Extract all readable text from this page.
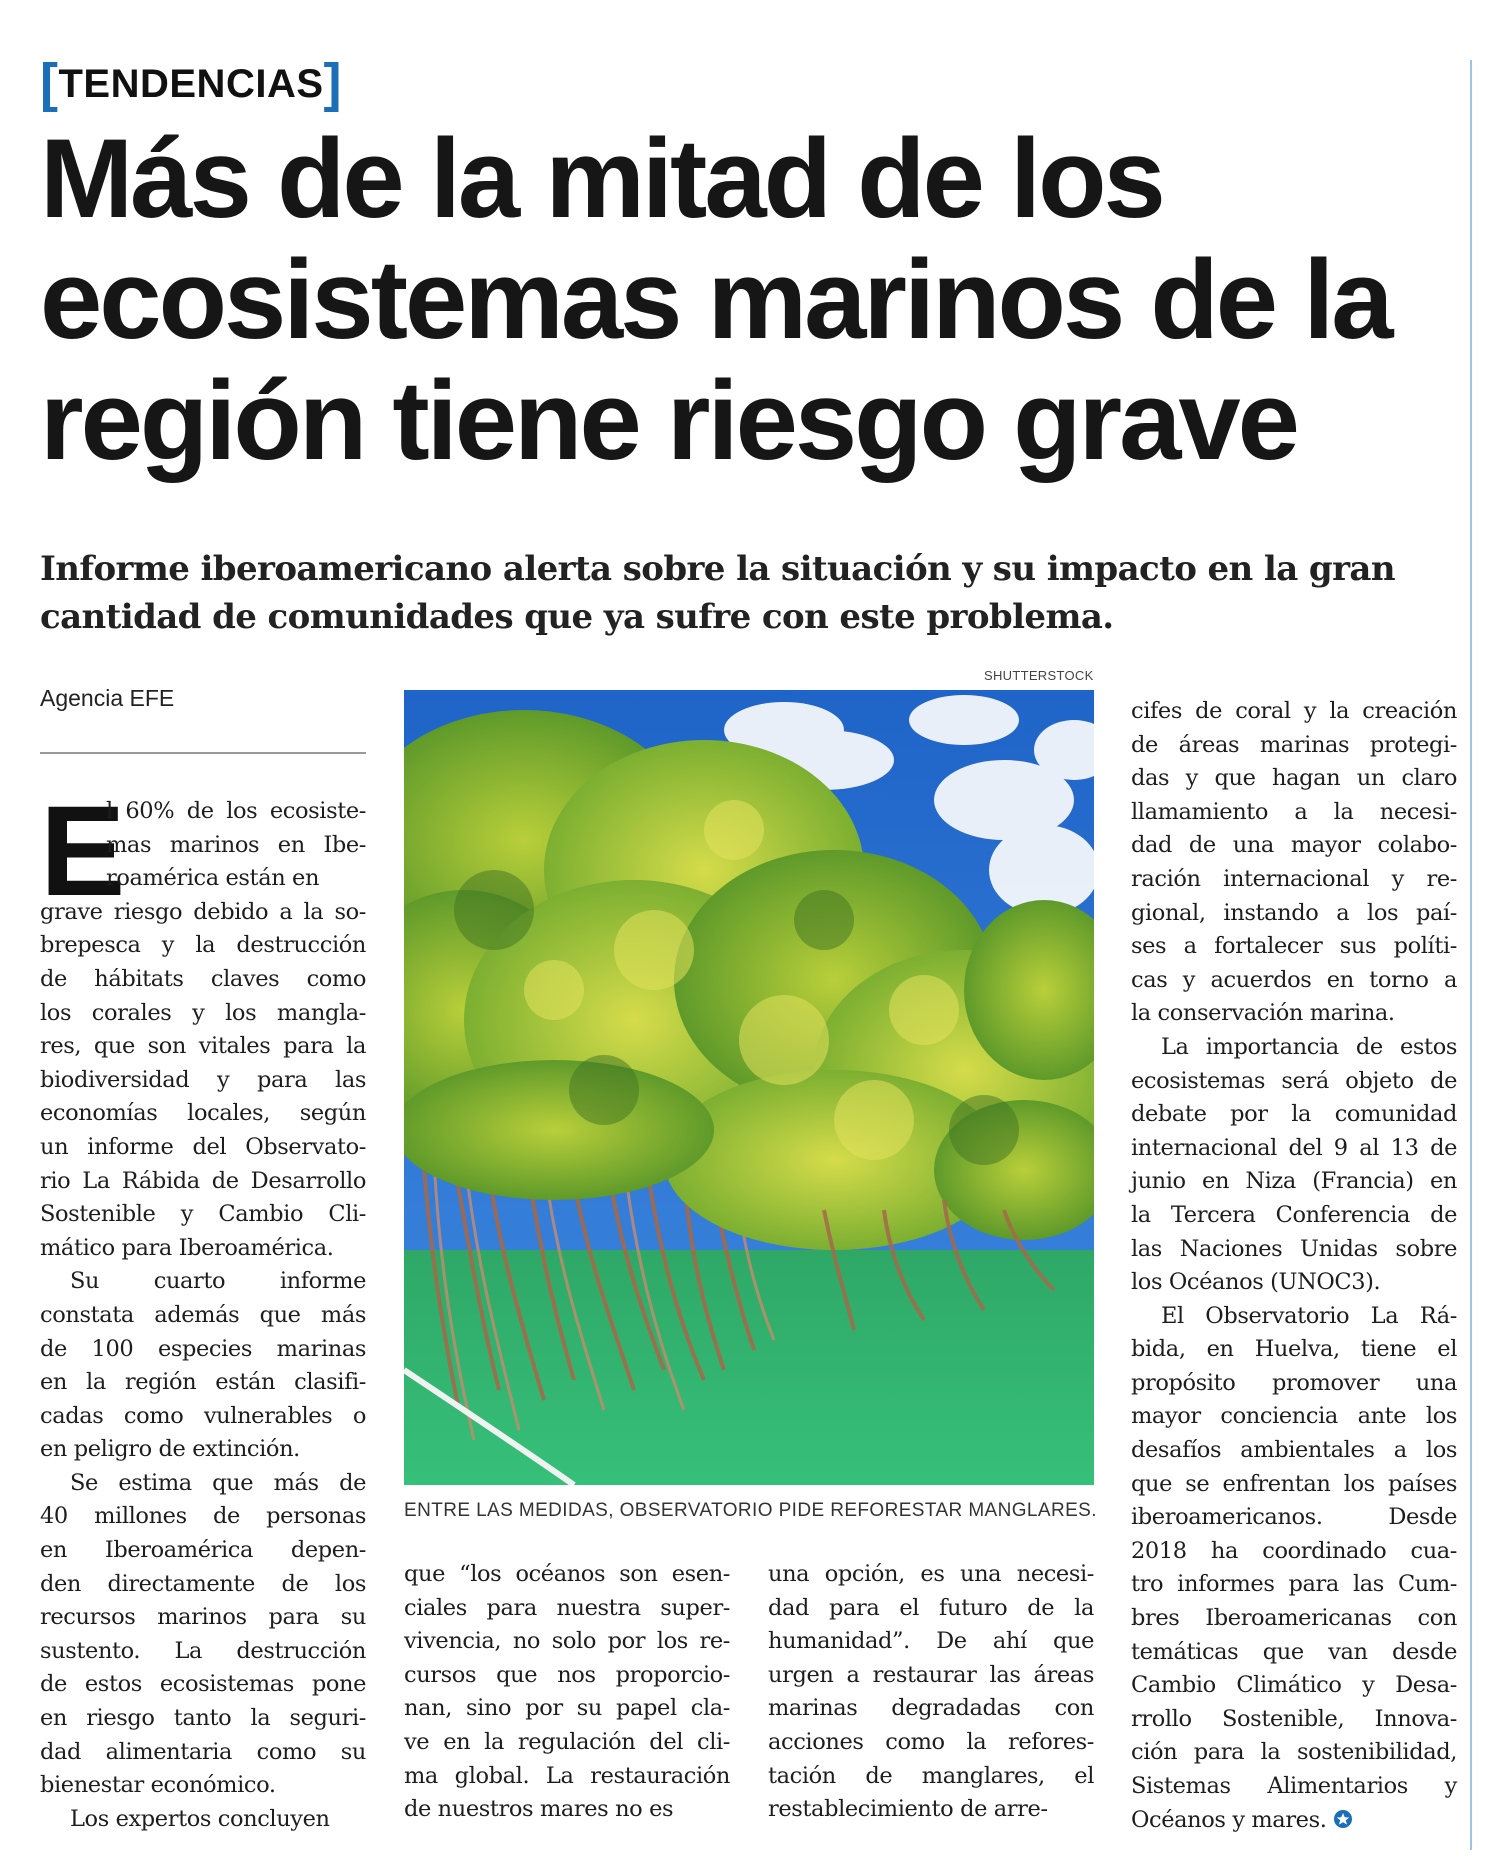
[TENDENCIAS]
Más de la mitad de los
ecosistemas marinos de la
región tiene riesgo grave
Informe iberoamericano alerta sobre la situación y su impacto en la gran
cantidad de comunidades que ya sufre con este problema.
Agencia EFE
E
l 60% de los ecosiste-
mas marinos en Ibe-
roamérica están en
grave riesgo debido a la so-
brepesca y la destrucción
de hábitats claves como
los corales y los mangla-
res, que son vitales para la
biodiversidad y para las
economías locales, según
un informe del Observato-
rio La Rábida de Desarrollo
Sostenible y Cambio Cli-
mático para Iberoamérica.
Su cuarto informe
constata además que más
de 100 especies marinas
en la región están clasifi-
cadas como vulnerables o
en peligro de extinción.
Se estima que más de
40 millones de personas
en Iberoamérica depen-
den directamente de los
recursos marinos para su
sustento. La destrucción
de estos ecosistemas pone
en riesgo tanto la seguri-
dad alimentaria como su
bienestar económico.
Los expertos concluyen
SHUTTERSTOCK
ENTRE LAS MEDIDAS, OBSERVATORIO PIDE REFORESTAR MANGLARES.
que “los océanos son esen-
ciales para nuestra super-
vivencia, no solo por los re-
cursos que nos proporcio-
nan, sino por su papel cla-
ve en la regulación del cli-
ma global. La restauración
de nuestros mares no es
una opción, es una necesi-
dad para el futuro de la
humanidad”. De ahí que
urgen a restaurar las áreas
marinas degradadas con
acciones como la refores-
tación de manglares, el
restablecimiento de arre-
cifes de coral y la creación
de áreas marinas protegi-
das y que hagan un claro
llamamiento a la necesi-
dad de una mayor colabo-
ración internacional y re-
gional, instando a los paí-
ses a fortalecer sus políti-
cas y acuerdos en torno a
la conservación marina.
La importancia de estos
ecosistemas será objeto de
debate por la comunidad
internacional del 9 al 13 de
junio en Niza (Francia) en
la Tercera Conferencia de
las Naciones Unidas sobre
los Océanos (UNOC3).
El Observatorio La Rá-
bida, en Huelva, tiene el
propósito promover una
mayor conciencia ante los
desafíos ambientales a los
que se enfrentan los países
iberoamericanos. Desde
2018 ha coordinado cua-
tro informes para las Cum-
bres Iberoamericanas con
temáticas que van desde
Cambio Climático y Desa-
rrollo Sostenible, Innova-
ción para la sostenibilidad,
Sistemas Alimentarios y
Océanos y mares.
